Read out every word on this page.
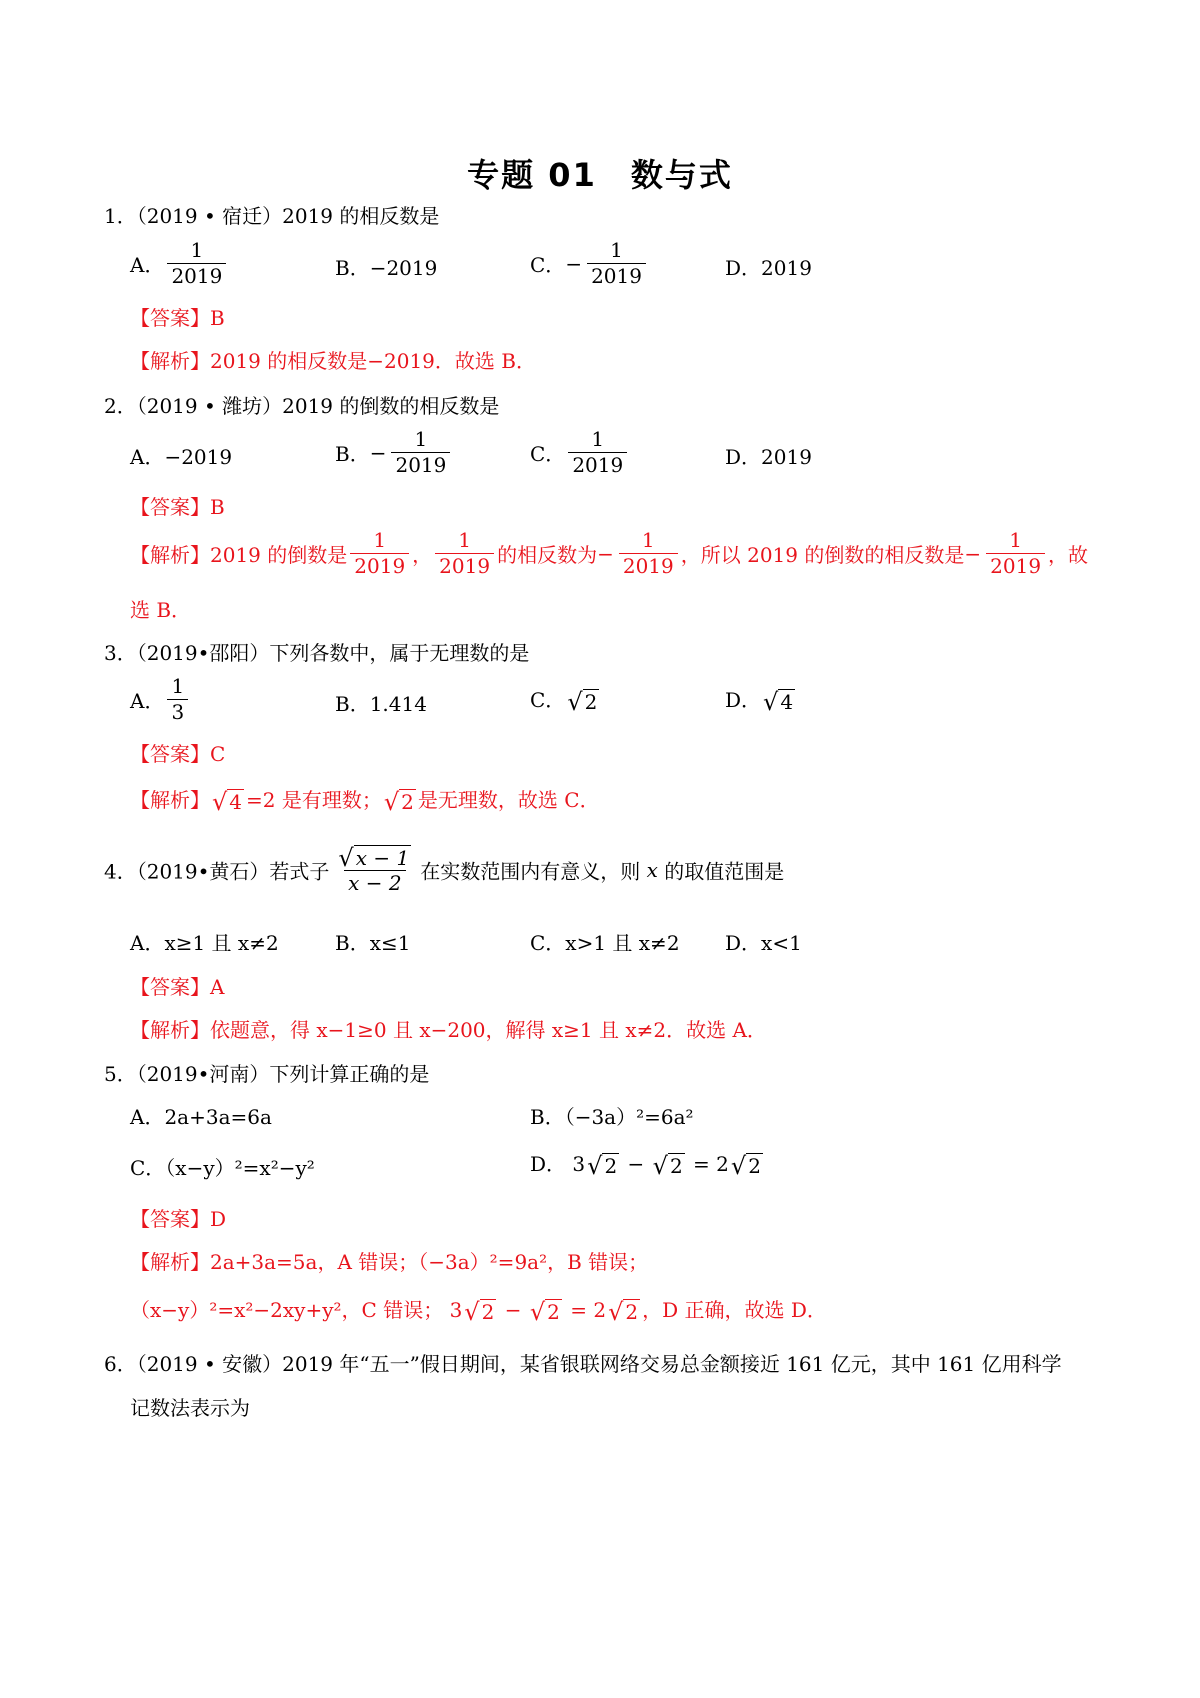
专题 01　数与式
1．（2019 • 宿迁）2019 的相反数是
A． $\frac{1}{2019}$	B．−2019	C．− $\frac{1}{2019}$	D．2019
【答案】B
【解析】2019 的相反数是−2019．故选 B．
2．（2019 • 潍坊）2019 的倒数的相反数是
A．−2019	B．− $\frac{1}{2019}$	C． $\frac{1}{2019}$	D．2019
【答案】B
【解析】2019 的倒数是 $\frac{1}{2019}$ ， $\frac{1}{2019}$ 的相反数为− $\frac{1}{2019}$ ，所以 2019 的倒数的相反数是− $\frac{1}{2019}$ ，故
选 B．
3．（2019•邵阳）下列各数中，属于无理数的是
A． $\frac{1}{3}$	B．1.414	C． √ 2	D． √ 4
【答案】C
【解析】 √ 4 =2 是有理数； √ 2 是无理数，故选 C．
4．（2019•黄石）若式子 $\frac{√ x - 1}{x - 2}$ 在实数范围内有意义，则 x 的取值范围是
A．x≥1 且 x≠2	B．x≤1	C．x>1 且 x≠2 D．x<1
【答案】A
【解析】依题意，得 x−1≥0 且 x−200，解得 x≥1 且 x≠2．故选 A．
5．（2019•河南）下列计算正确的是
A．2a+3a=6a	B．（−3a）²=6a²
C．（x−y）²=x²−y²	D． 3 √ 2 − √ 2 = 2 √ 2
【答案】D
【解析】2a+3a=5a，A 错误；（−3a）²=9a²，B 错误；
（x−y）²=x²−2xy+y²，C 错误； 3 √ 2 − √ 2 = 2 √ 2 ，D 正确，故选 D．
6．（2019 • 安徽）2019 年“五一”假日期间，某省银联网络交易总金额接近 161 亿元，其中 161 亿用科学
记数法表示为
